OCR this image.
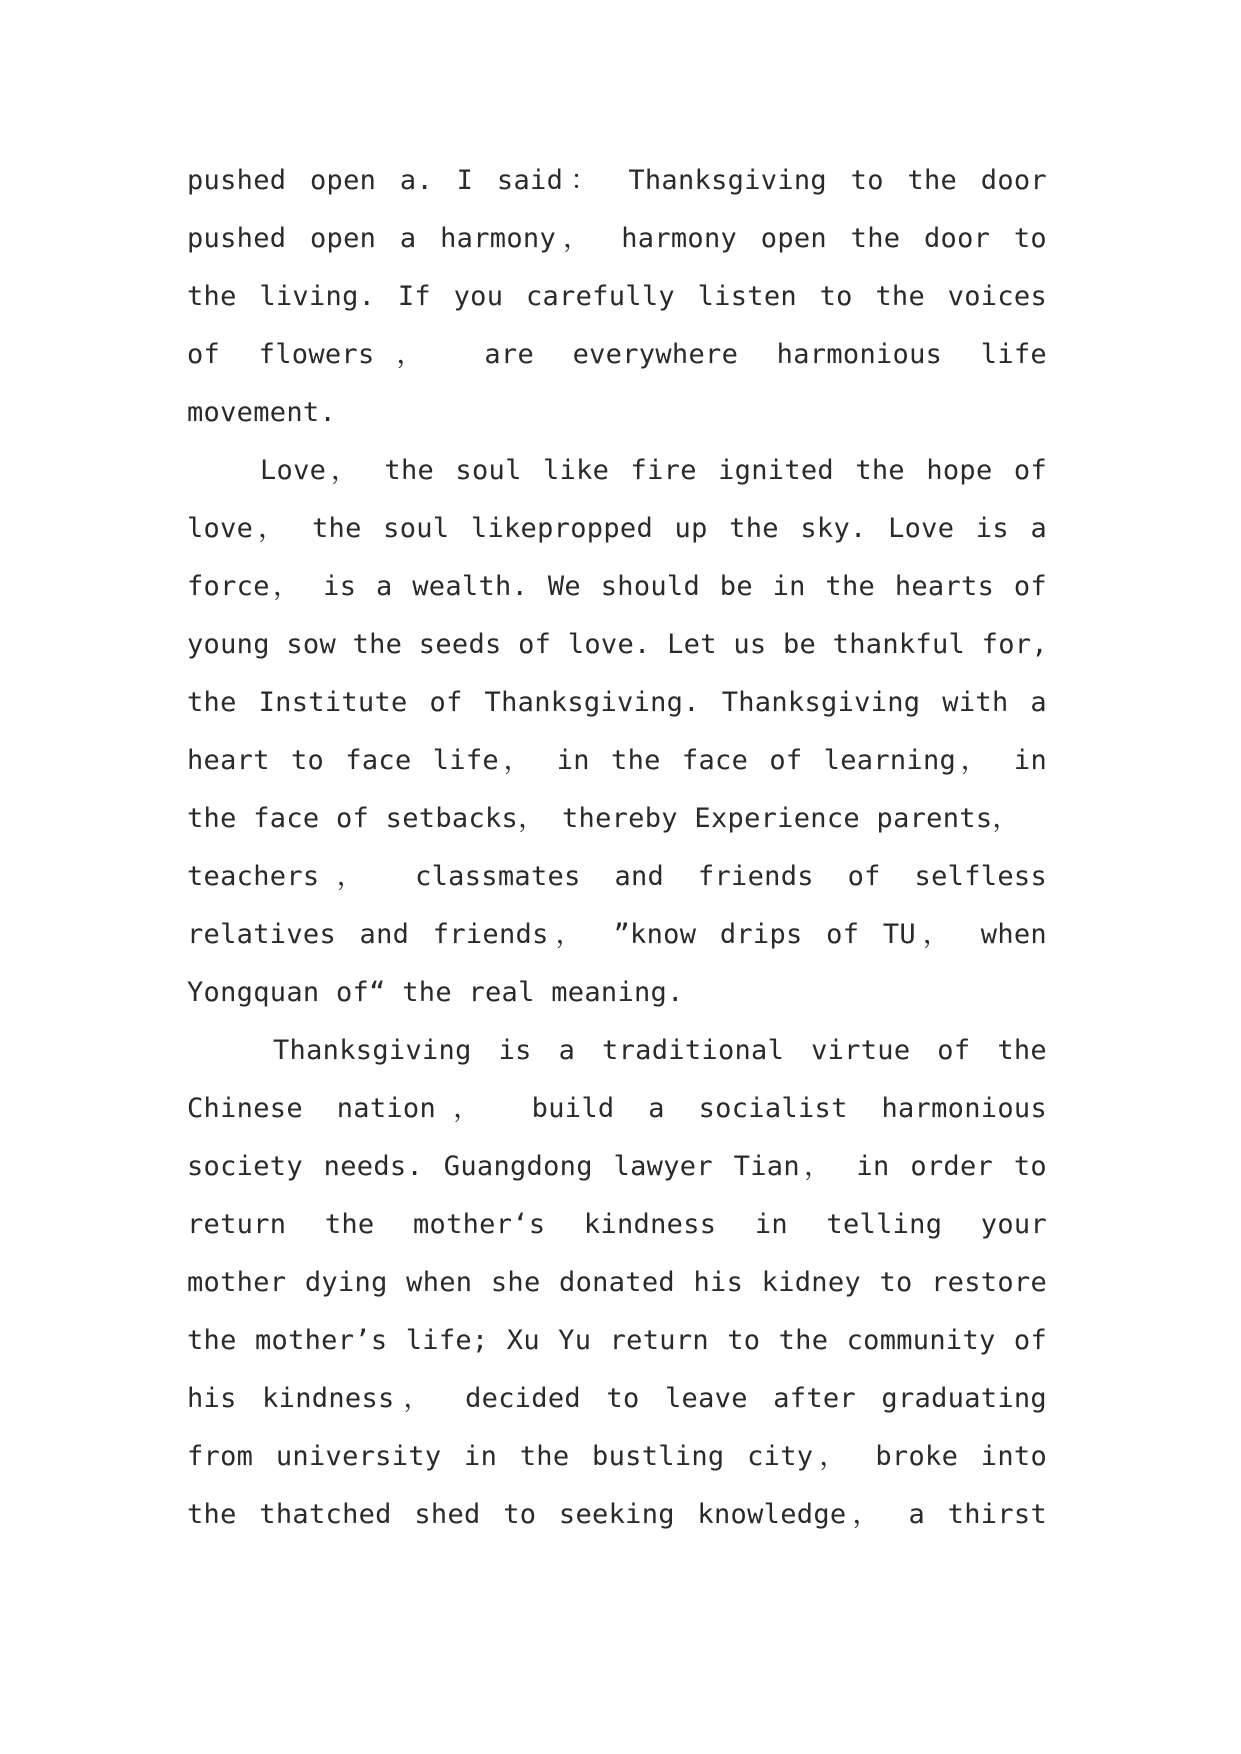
pushed open a. I said： Thanksgiving to the door
pushed open a harmony， harmony open the door to
the living. If you carefully listen to the voices
of flowers， are everywhere harmonious life
movement.
Love， the soul like fire ignited the hope of
love， the soul likepropped up the sky. Love is a
force， is a wealth. We should be in the hearts of
young sow the seeds of love. Let us be thankful for,
the Institute of Thanksgiving. Thanksgiving with a
heart to face life， in the face of learning， in
the face of setbacks， thereby Experience parents，
teachers， classmates and friends of selfless
relatives and friends， ”know drips of TU， when
Yongquan of“ the real meaning.
Thanksgiving is a traditional virtue of the
Chinese nation， build a socialist harmonious
society needs. Guangdong lawyer Tian， in order to
return the mother‘s kindness in telling your
mother dying when she donated his kidney to restore
the mother’s life; Xu Yu return to the community of
his kindness， decided to leave after graduating
from university in the bustling city， broke into
the thatched shed to seeking knowledge， a thirst
